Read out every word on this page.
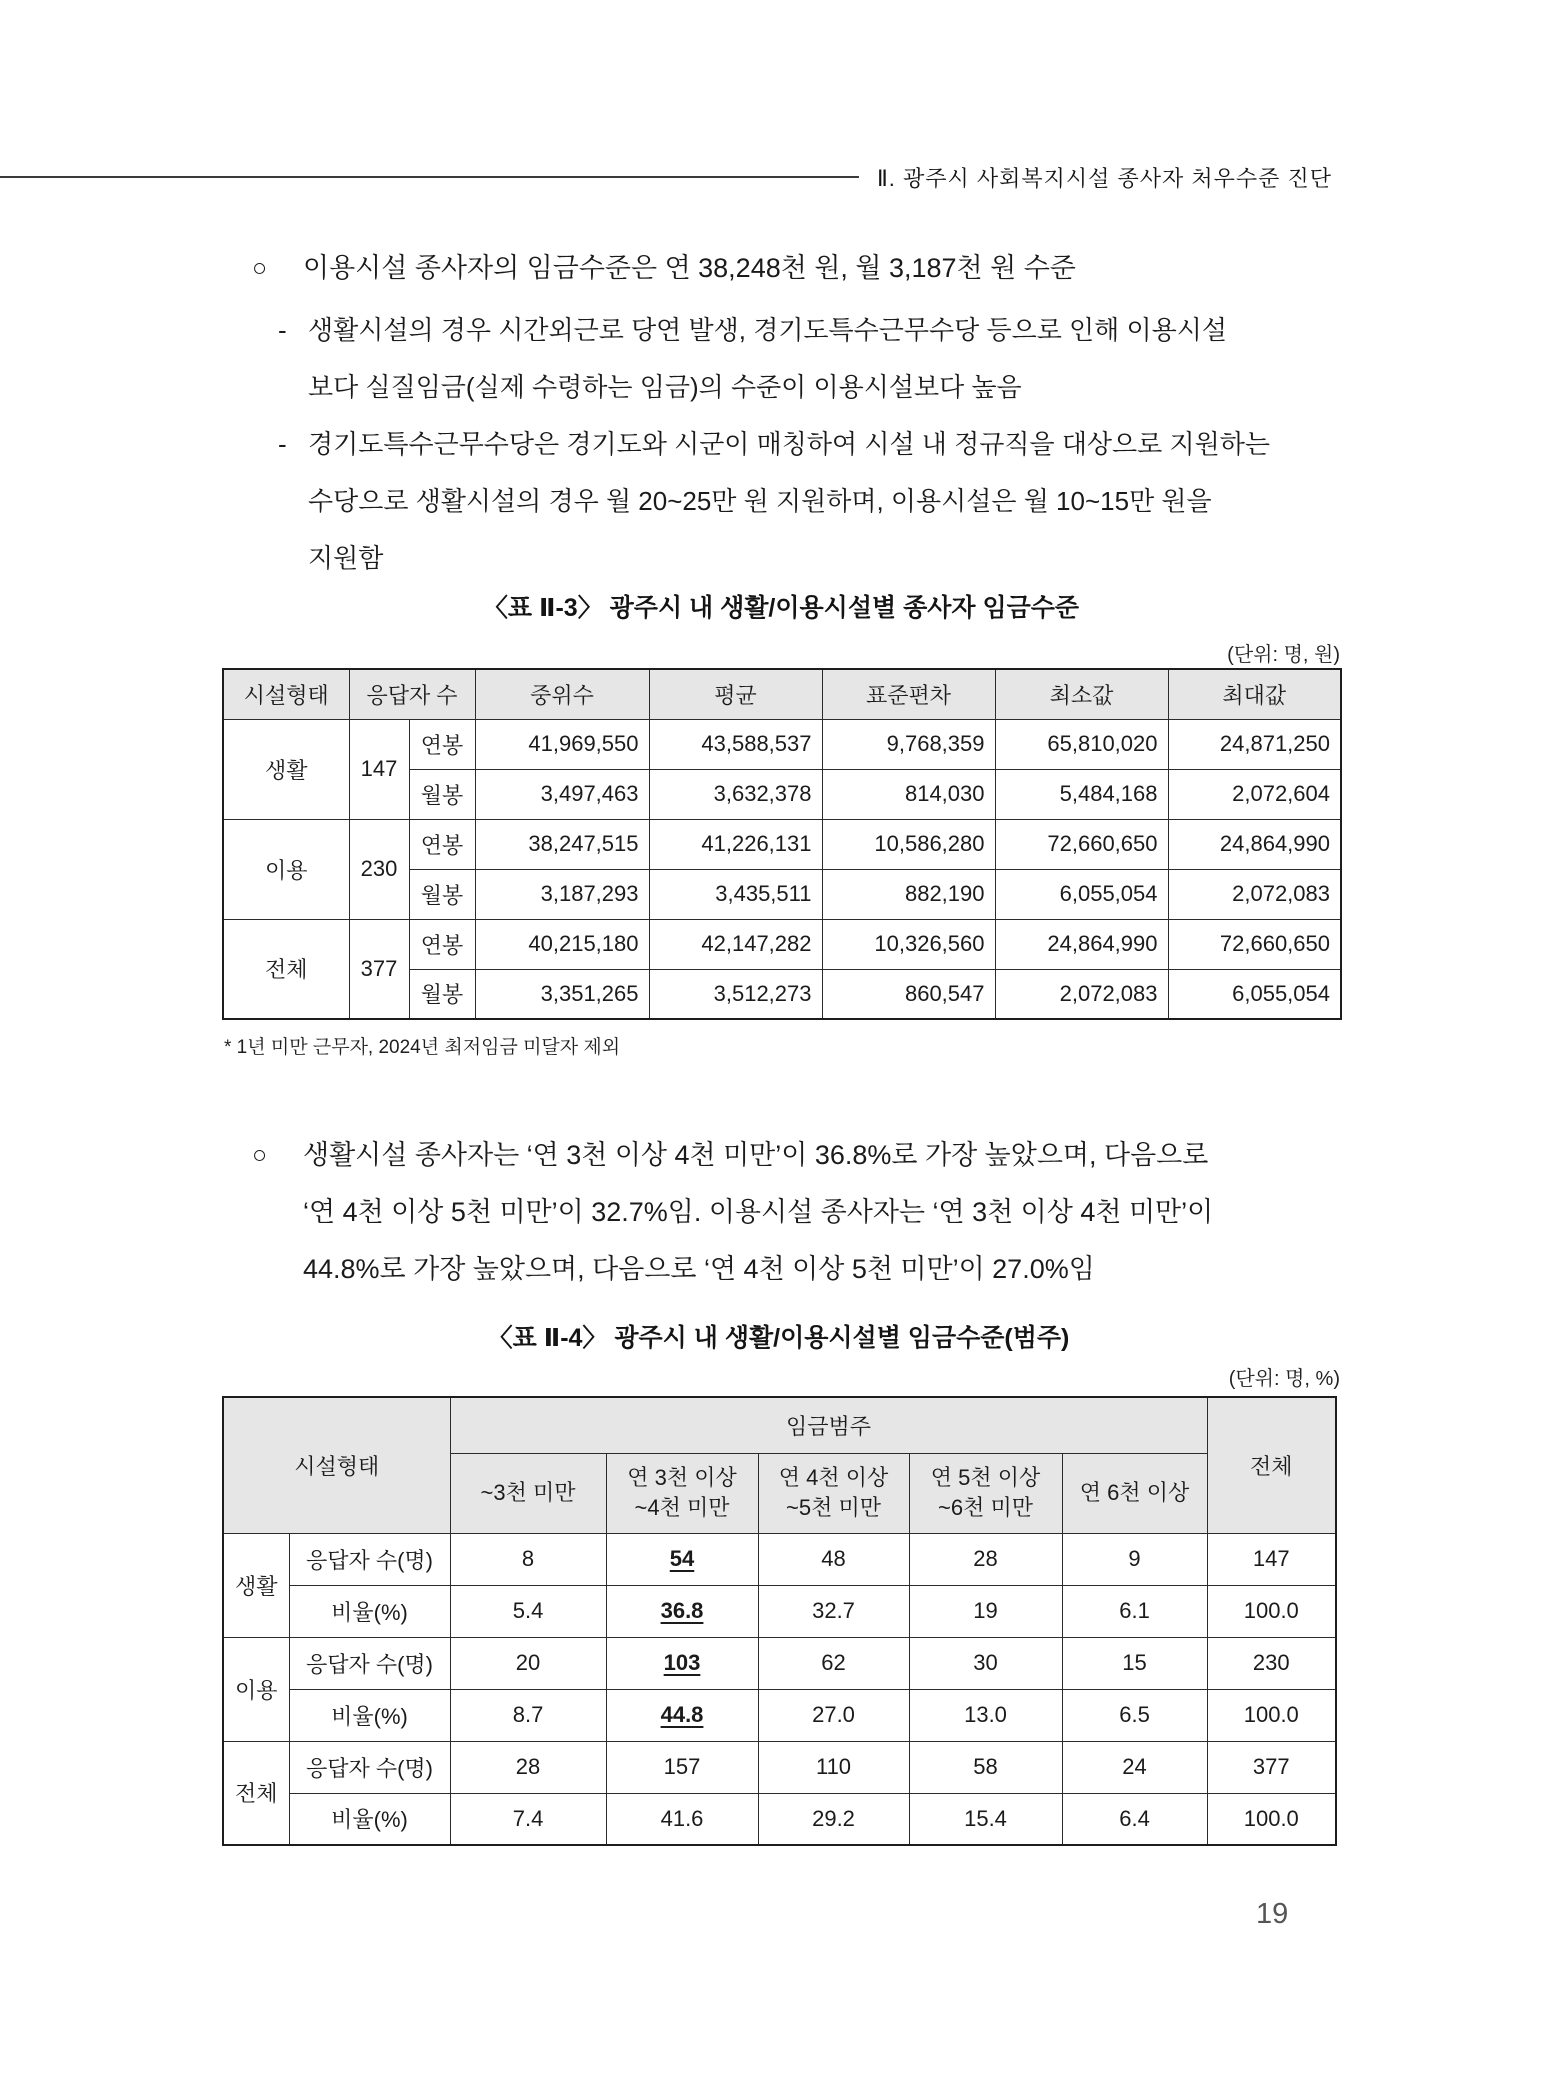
Ⅱ. 광주시 사회복지시설 종사자 처우수준 진단
○	이용시설 종사자의 임금수준은 연 38,248천 원, 월 3,187천 원 수준
- 생활시설의 경우 시간외근로 당연 발생, 경기도특수근무수당 등으로 인해 이용시설
보다 실질임금(실제 수령하는 임금)의 수준이 이용시설보다 높음
- 경기도특수근무수당은 경기도와 시군이 매칭하여 시설 내 정규직을 대상으로 지원하는
수당으로 생활시설의 경우 월 20~25만 원 지원하며, 이용시설은 월 10~15만 원을
지원함
〈표 Ⅱ-3〉 광주시 내 생활/이용시설별 종사자 임금수준
(단위: 명, 원)
시설형태	응답자 수		중위수	평균	표준편차	최소값	최대값
생활	147	연봉	41,969,550	43,588,537	9,768,359	65,810,020	24,871,250
		월봉	3,497,463	3,632,378	814,030	5,484,168	2,072,604
이용	230	연봉	38,247,515	41,226,131	10,586,280	72,660,650	24,864,990
		월봉	3,187,293	3,435,511	882,190	6,055,054	2,072,083
전체	377	연봉	40,215,180	42,147,282	10,326,560	24,864,990	72,660,650
		월봉	3,351,265	3,512,273	860,547	2,072,083	6,055,054
* 1년 미만 근무자, 2024년 최저임금 미달자 제외
○	생활시설 종사자는 ‘연 3천 이상 4천 미만’이 36.8%로 가장 높았으며, 다음으로
‘연 4천 이상 5천 미만’이 32.7%임. 이용시설 종사자는 ‘연 3천 이상 4천 미만’이
44.8%로 가장 높았으며, 다음으로 ‘연 4천 이상 5천 미만’이 27.0%임
〈표 Ⅱ-4〉 광주시 내 생활/이용시설별 임금수준(범주)
(단위: 명, %)
시설형태		임금범주					전체
		~3천 미만	연 3천 이상 ~4천 미만	연 4천 이상 ~5천 미만	연 5천 이상 ~6천 미만	연 6천 이상	
생활	응답자 수(명)	8	54	48	28	9	147
	비율(%)	5.4	36.8	32.7	19	6.1	100.0
이용	응답자 수(명)	20	103	62	30	15	230
	비율(%)	8.7	44.8	27.0	13.0	6.5	100.0
전체	응답자 수(명)	28	157	110	58	24	377
	비율(%)	7.4	41.6	29.2	15.4	6.4	100.0
19
